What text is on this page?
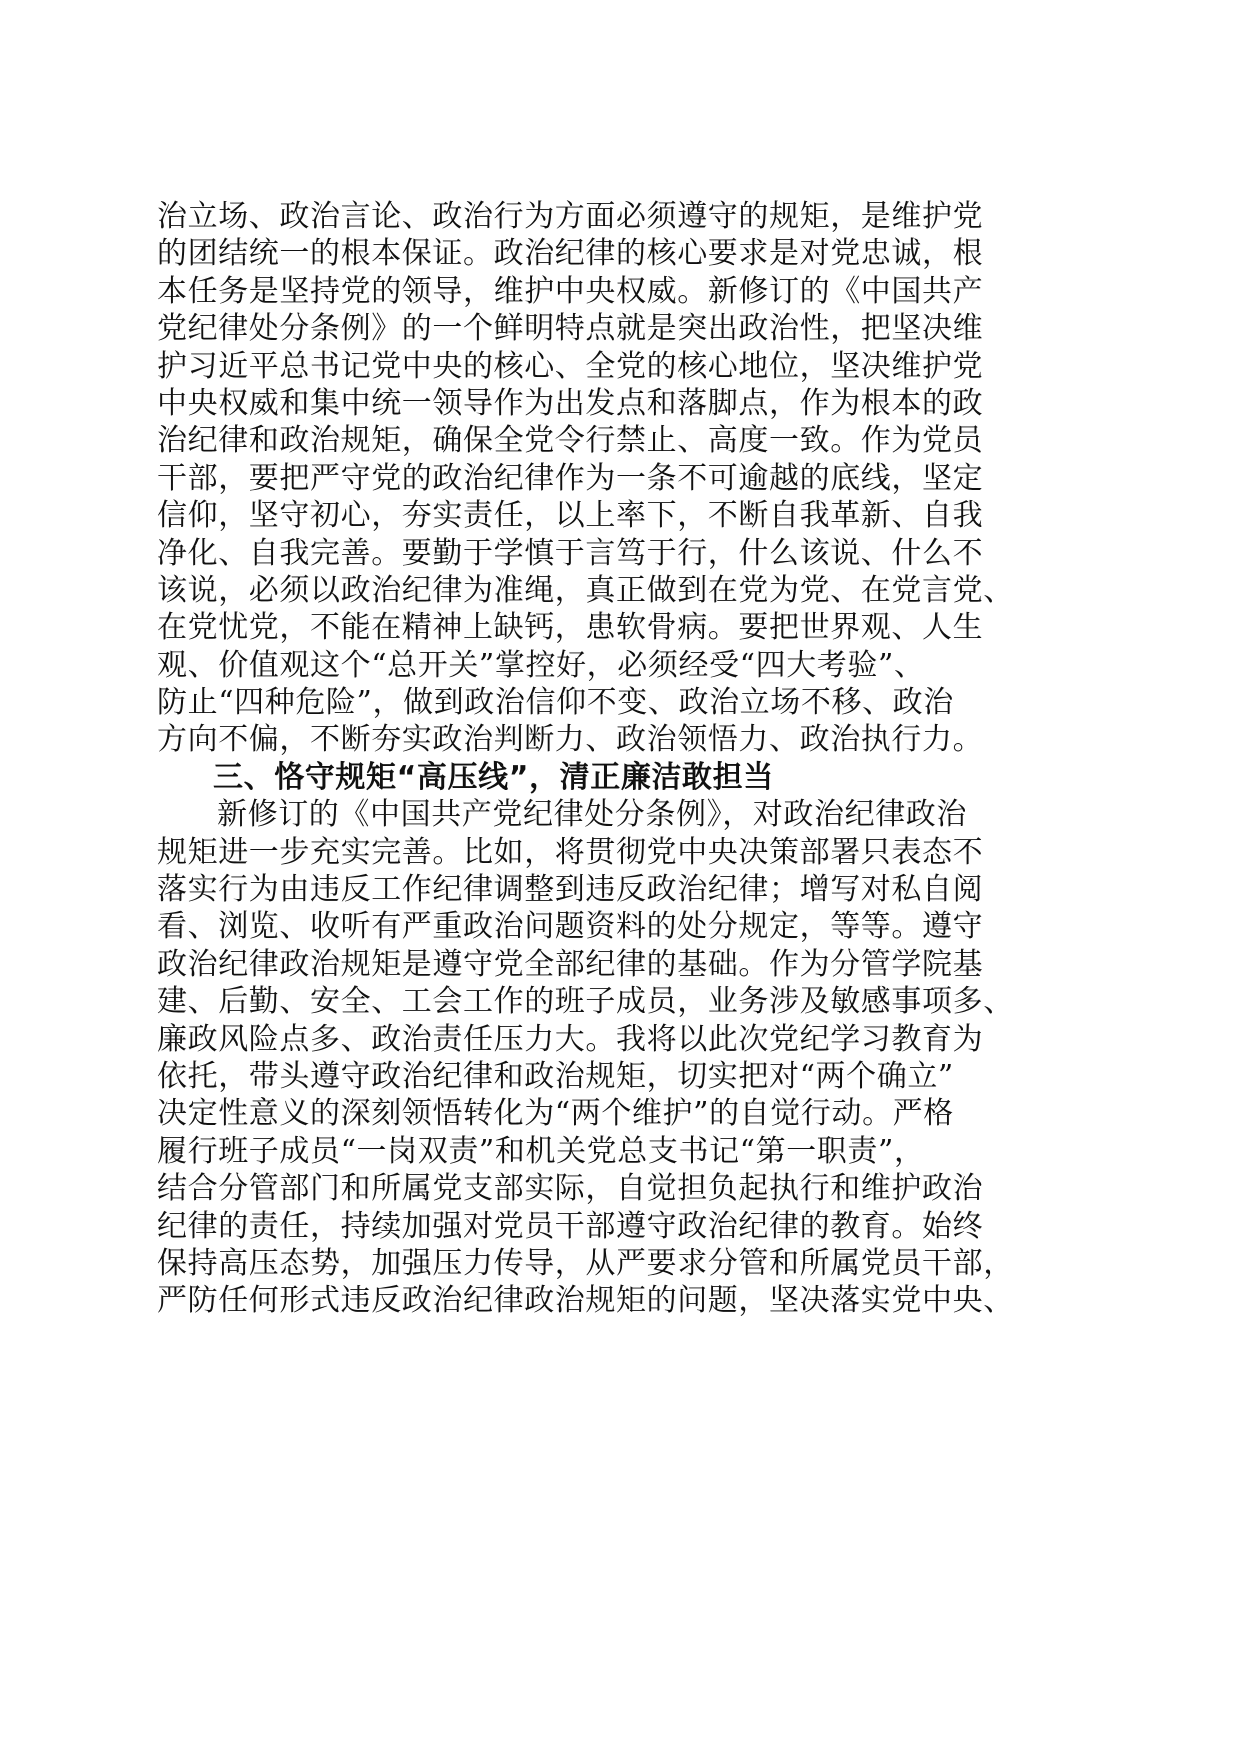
治立场、政治言论、政治行为方面必须遵守的规矩，是维护党
的团结统一的根本保证。政治纪律的核心要求是对党忠诚，根
本任务是坚持党的领导，维护中央权威。新修订的《中国共产
党纪律处分条例》的一个鲜明特点就是突出政治性，把坚决维
护习近平总书记党中央的核心、全党的核心地位，坚决维护党
中央权威和集中统一领导作为出发点和落脚点，作为根本的政
治纪律和政治规矩，确保全党令行禁止、高度一致。作为党员
干部，要把严守党的政治纪律作为一条不可逾越的底线，坚定
信仰，坚守初心，夯实责任，以上率下，不断自我革新、自我
净化、自我完善。要勤于学慎于言笃于行，什么该说、什么不
该说，必须以政治纪律为准绳，真正做到在党为党、在党言党、
在党忧党，不能在精神上缺钙，患软骨病。要把世界观、人生
观、价值观这个“总开关”掌控好，必须经受“四大考验”、
防止“四种危险”，做到政治信仰不变、政治立场不移、政治
方向不偏，不断夯实政治判断力、政治领悟力、政治执行力。
三、恪守规矩“高压线”，清正廉洁敢担当
新修订的《中国共产党纪律处分条例》，对政治纪律政治
规矩进一步充实完善。比如，将贯彻党中央决策部署只表态不
落实行为由违反工作纪律调整到违反政治纪律；增写对私自阅
看、浏览、收听有严重政治问题资料的处分规定，等等。遵守
政治纪律政治规矩是遵守党全部纪律的基础。作为分管学院基
建、后勤、安全、工会工作的班子成员，业务涉及敏感事项多、
廉政风险点多、政治责任压力大。我将以此次党纪学习教育为
依托，带头遵守政治纪律和政治规矩，切实把对“两个确立”
决定性意义的深刻领悟转化为“两个维护”的自觉行动。严格
履行班子成员“一岗双责”和机关党总支书记“第一职责”，
结合分管部门和所属党支部实际，自觉担负起执行和维护政治
纪律的责任，持续加强对党员干部遵守政治纪律的教育。始终
保持高压态势，加强压力传导，从严要求分管和所属党员干部，
严防任何形式违反政治纪律政治规矩的问题，坚决落实党中央、
